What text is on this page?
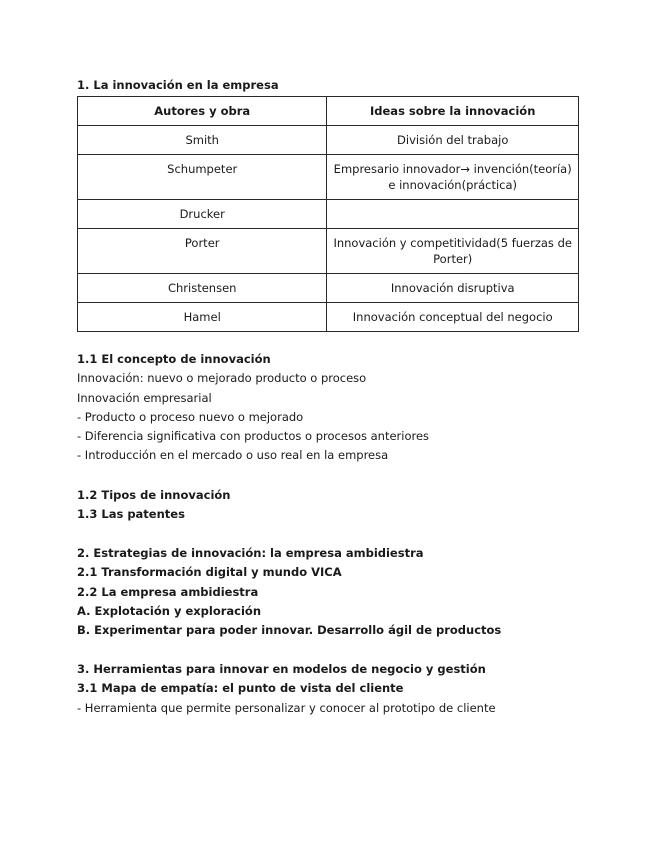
1. La innovación en la empresa
Autores y obra	Ideas sobre la innovación
Smith	División del trabajo
Schumpeter	Empresario innovador→ invención(teoría) e innovación(práctica)
Drucker	
Porter	Innovación y competitividad(5 fuerzas de Porter)
Christensen	Innovación disruptiva
Hamel	Innovación conceptual del negocio
1.1 El concepto de innovación
Innovación: nuevo o mejorado producto o proceso
Innovación empresarial
- Producto o proceso nuevo o mejorado
- Diferencia significativa con productos o procesos anteriores
- Introducción en el mercado o uso real en la empresa
1.2 Tipos de innovación
1.3 Las patentes
2. Estrategias de innovación: la empresa ambidiestra
2.1 Transformación digital y mundo VICA
2.2 La empresa ambidiestra
A. Explotación y exploración
B. Experimentar para poder innovar. Desarrollo ágil de productos
3. Herramientas para innovar en modelos de negocio y gestión
3.1 Mapa de empatía: el punto de vista del cliente
- Herramienta que permite personalizar y conocer al prototipo de cliente
